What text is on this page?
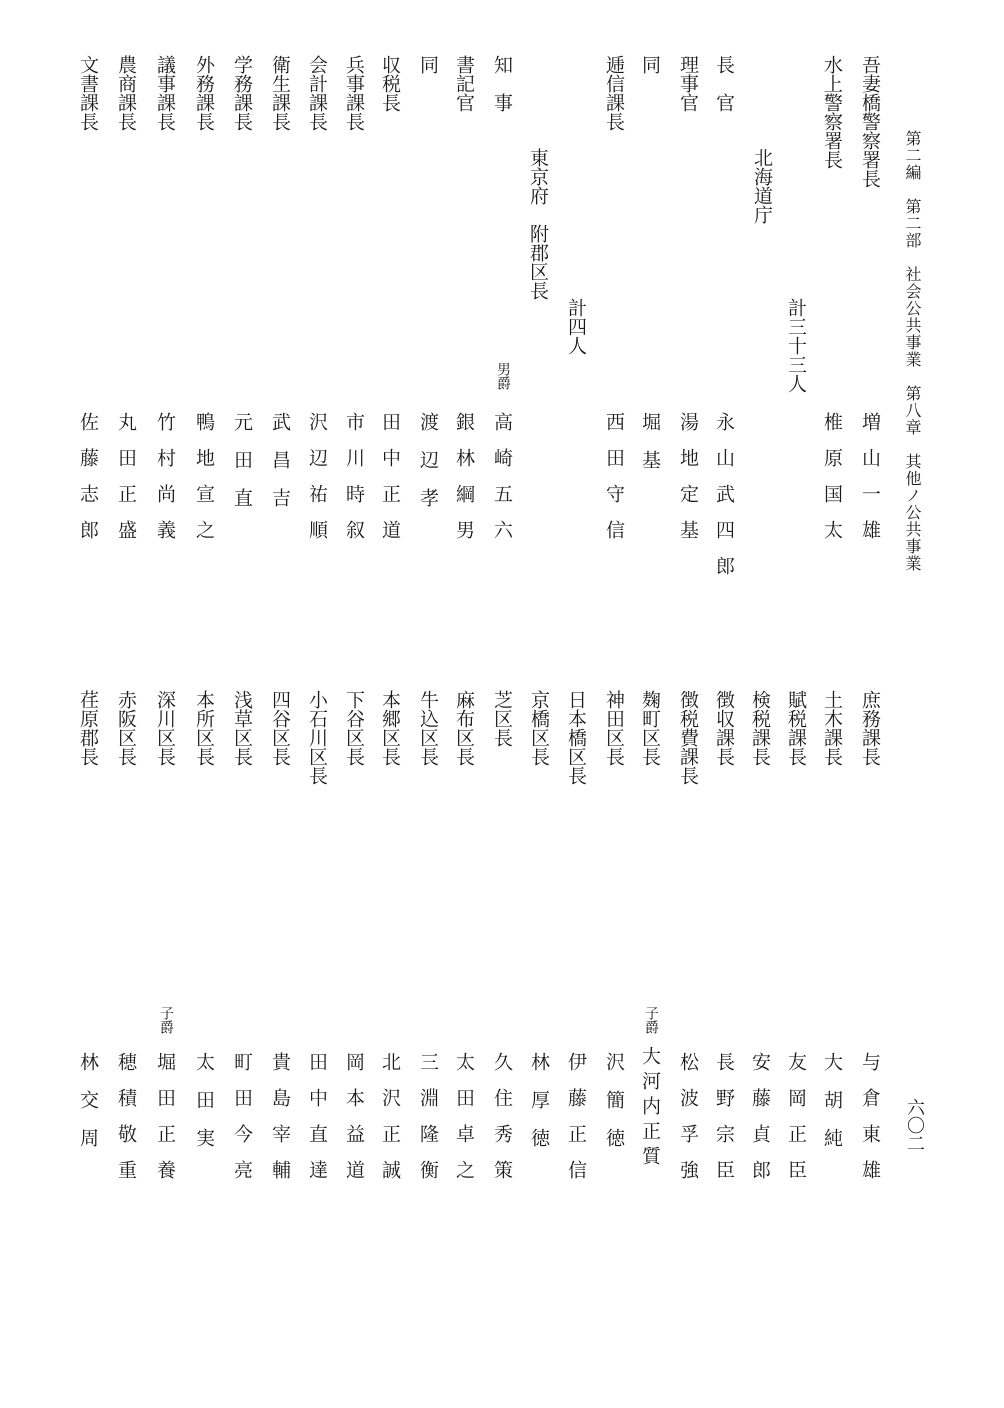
第二編　第二部　社会公共事業　第八章　其他ノ公共事業
六〇二
吾妻橋警察署長
増山一雄
水上警察署長
椎原国太
北海道庁
計三十三人
長　官
永山武四郎
理事官
湯地定基
同
堀　基
逓信課長
西田守信
計四人
東京府　附郡区長
知　事
男爵
高崎五六
書記官
銀林綱男
同
渡　辺　孝
収税長
田中正道
兵事課長
市川時叙
会計課長
沢辺祐順
衛生課長
武　昌　吉
学務課長
元　田　直
外務課長
鴨地宣之
議事課長
竹村尚義
農商課長
丸田正盛
文書課長
佐藤志郎
庶務課長
与倉東雄
土木課長
大　胡　純
賦税課長
友岡正臣
検税課長
安藤貞郎
徴収課長
長野宗臣
徴税費課長
松波孚強
麹町区長
子爵
大河内正質
神田区長
沢　簡　徳
日本橋区長
伊藤正信
京橋区長
林　厚　徳
芝区長
久住秀策
麻布区長
太田卓之
牛込区長
三淵隆衡
本郷区長
北沢正誠
下谷区長
岡本益道
小石川区長
田中直達
四谷区長
貴島宰輔
浅草区長
町田今亮
本所区長
太　田　実
深川区長
子爵
堀田正養
赤阪区長
穂積敬重
荏原郡長
林　交　周
